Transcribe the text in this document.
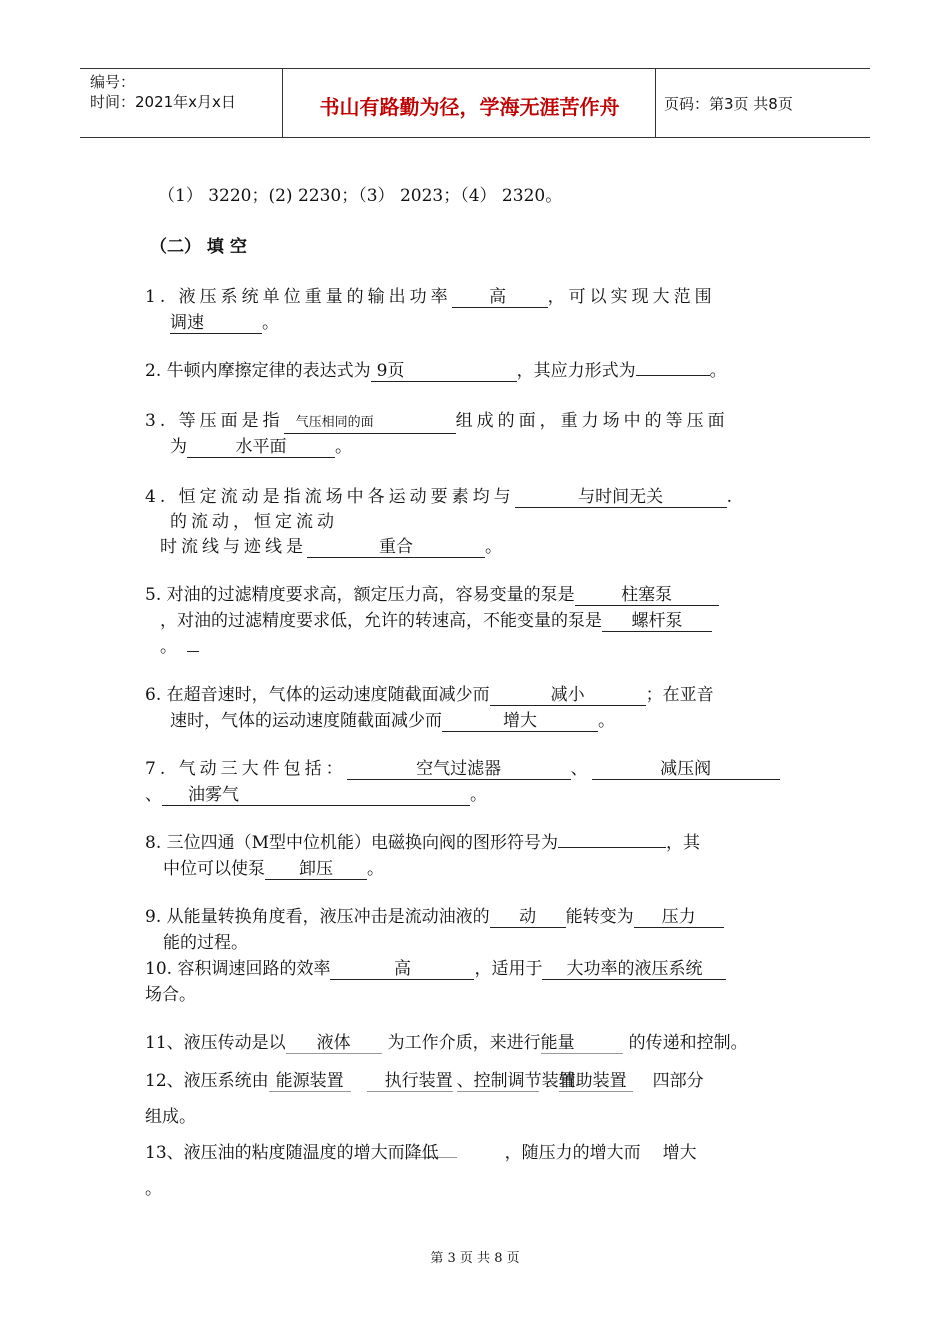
编号：
时间：2021年x月x日	书山有路勤为径，学海无涯苦作舟	页码：第3页 共8页
（1） 3220；(2) 2230；（3） 2023；（4） 2320。
（二） 填 空
1. 液压系统单位重量的输出功率 高 ，可以实现大范围
调速	。
2. 牛顿内摩擦定律的表达式为 9页	，其应力形式为	。
3. 等压面是指 气压相同的面	组成的面，重力场中的等压面
为	水平面	。
4. 恒定流动是指流场中各运动要素均与	与时间无关	.
的流动，恒定流动
时流线与迹线是	重合	。
5. 对油的过滤精度要求高，额定压力高，容易变量的泵是	柱塞泵
，对油的过滤精度要求低，允许的转速高，不能变量的泵是 螺杆泵
。
6. 在超音速时，气体的运动速度随截面减少而	减小	；在亚音
速时，气体的运动速度随截面减少而	增大	。
7. 气动三大件包括：	空气过滤器	、	减压阀
、 油雾气	。
8. 三位四通（M型中位机能）电磁换向阀的图形符号为	，其
中位可以使泵 卸压 。
9. 从能量转换角度看，液压冲击是流动油液的 动 能转变为 压力
能的过程。
10. 容积调速回路的效率	高	，适用于 大功率的液压系统
场合。
11、液压传动是以 液体 为工作介质，来进行能量	的传递和控制。
12、液压系统由 能源装置 执行装置 、控制调节装置辅助装置 四部分
组成。
13、液压油的粘度随温度的增大而降低	，随压力的增大而 增大
。
第 3 页 共 8 页
